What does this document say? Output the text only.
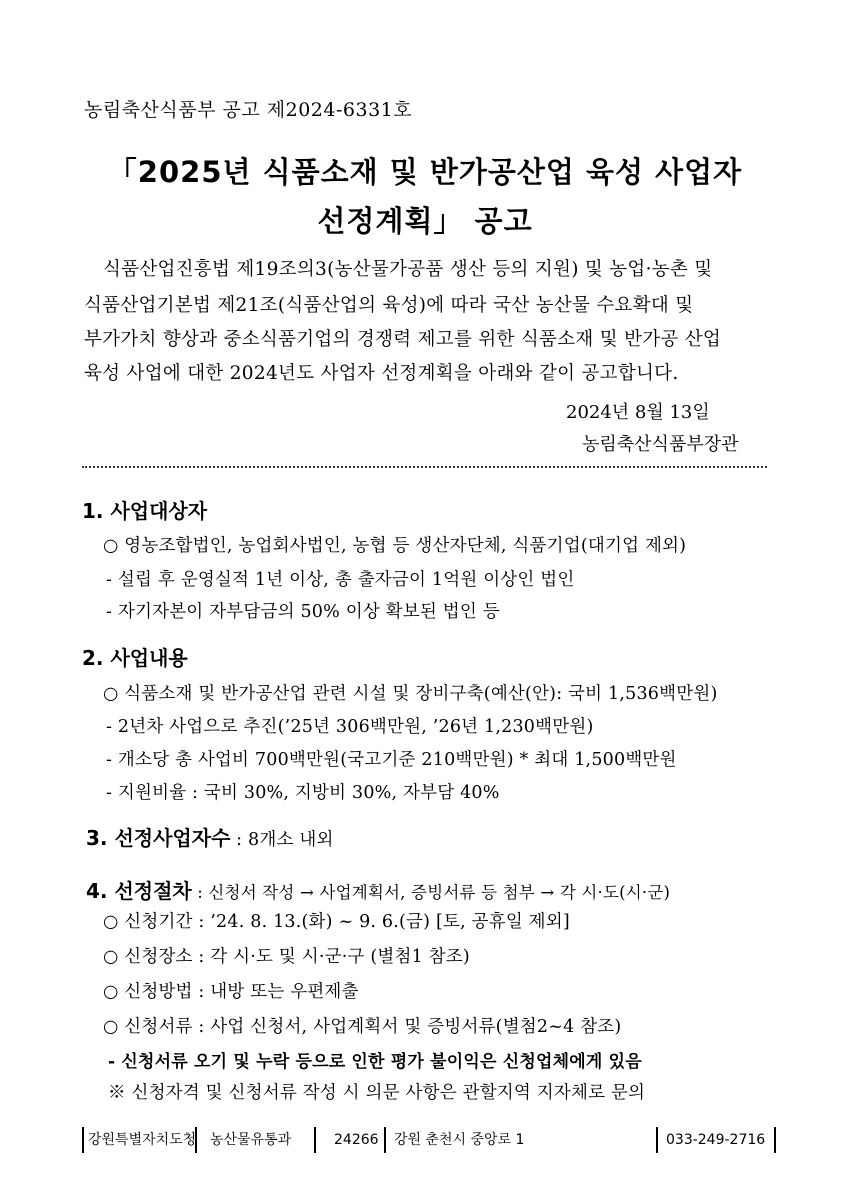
농림축산식품부 공고 제2024-6331호
「2025년 식품소재 및 반가공산업 육성 사업자
선정계획」 공고
식품산업진흥법 제19조의3(농산물가공품 생산 등의 지원) 및 농업·농촌 및
식품산업기본법 제21조(식품산업의 육성)에 따라 국산 농산물 수요확대 및
부가가치 향상과 중소식품기업의 경쟁력 제고를 위한 식품소재 및 반가공 산업
육성 사업에 대한 2024년도 사업자 선정계획을 아래와 같이 공고합니다.
2024년 8월 13일
농림축산식품부장관
1. 사업대상자
○ 영농조합법인, 농업회사법인, 농협 등 생산자단체, 식품기업(대기업 제외)
- 설립 후 운영실적 1년 이상, 총 출자금이 1억원 이상인 법인
- 자기자본이 자부담금의 50% 이상 확보된 법인 등
2. 사업내용
○ 식품소재 및 반가공산업 관련 시설 및 장비구축(예산(안): 국비 1,536백만원)
- 2년차 사업으로 추진(’25년 306백만원, ’26년 1,230백만원)
- 개소당 총 사업비 700백만원(국고기준 210백만원) * 최대 1,500백만원
- 지원비율 : 국비 30%, 지방비 30%, 자부담 40%
3. 선정사업자수 : 8개소 내외
4. 선정절차 : 신청서 작성 → 사업계획서, 증빙서류 등 첨부 → 각 시·도(시·군)
○ 신청기간 : ’24. 8. 13.(화) ~ 9. 6.(금) [토, 공휴일 제외]
○ 신청장소 : 각 시·도 및 시·군·구 (별첨1 참조)
○ 신청방법 : 내방 또는 우편제출
○ 신청서류 : 사업 신청서, 사업계획서 및 증빙서류(별첨2~4 참조)
- 신청서류 오기 및 누락 등으로 인한 평가 불이익은 신청업체에게 있음
※ 신청자격 및 신청서류 작성 시 의문 사항은 관할지역 지자체로 문의
강원특별자치도청 농산물유통과	24266 강원 춘천시 중앙로 1	033-249-2716
